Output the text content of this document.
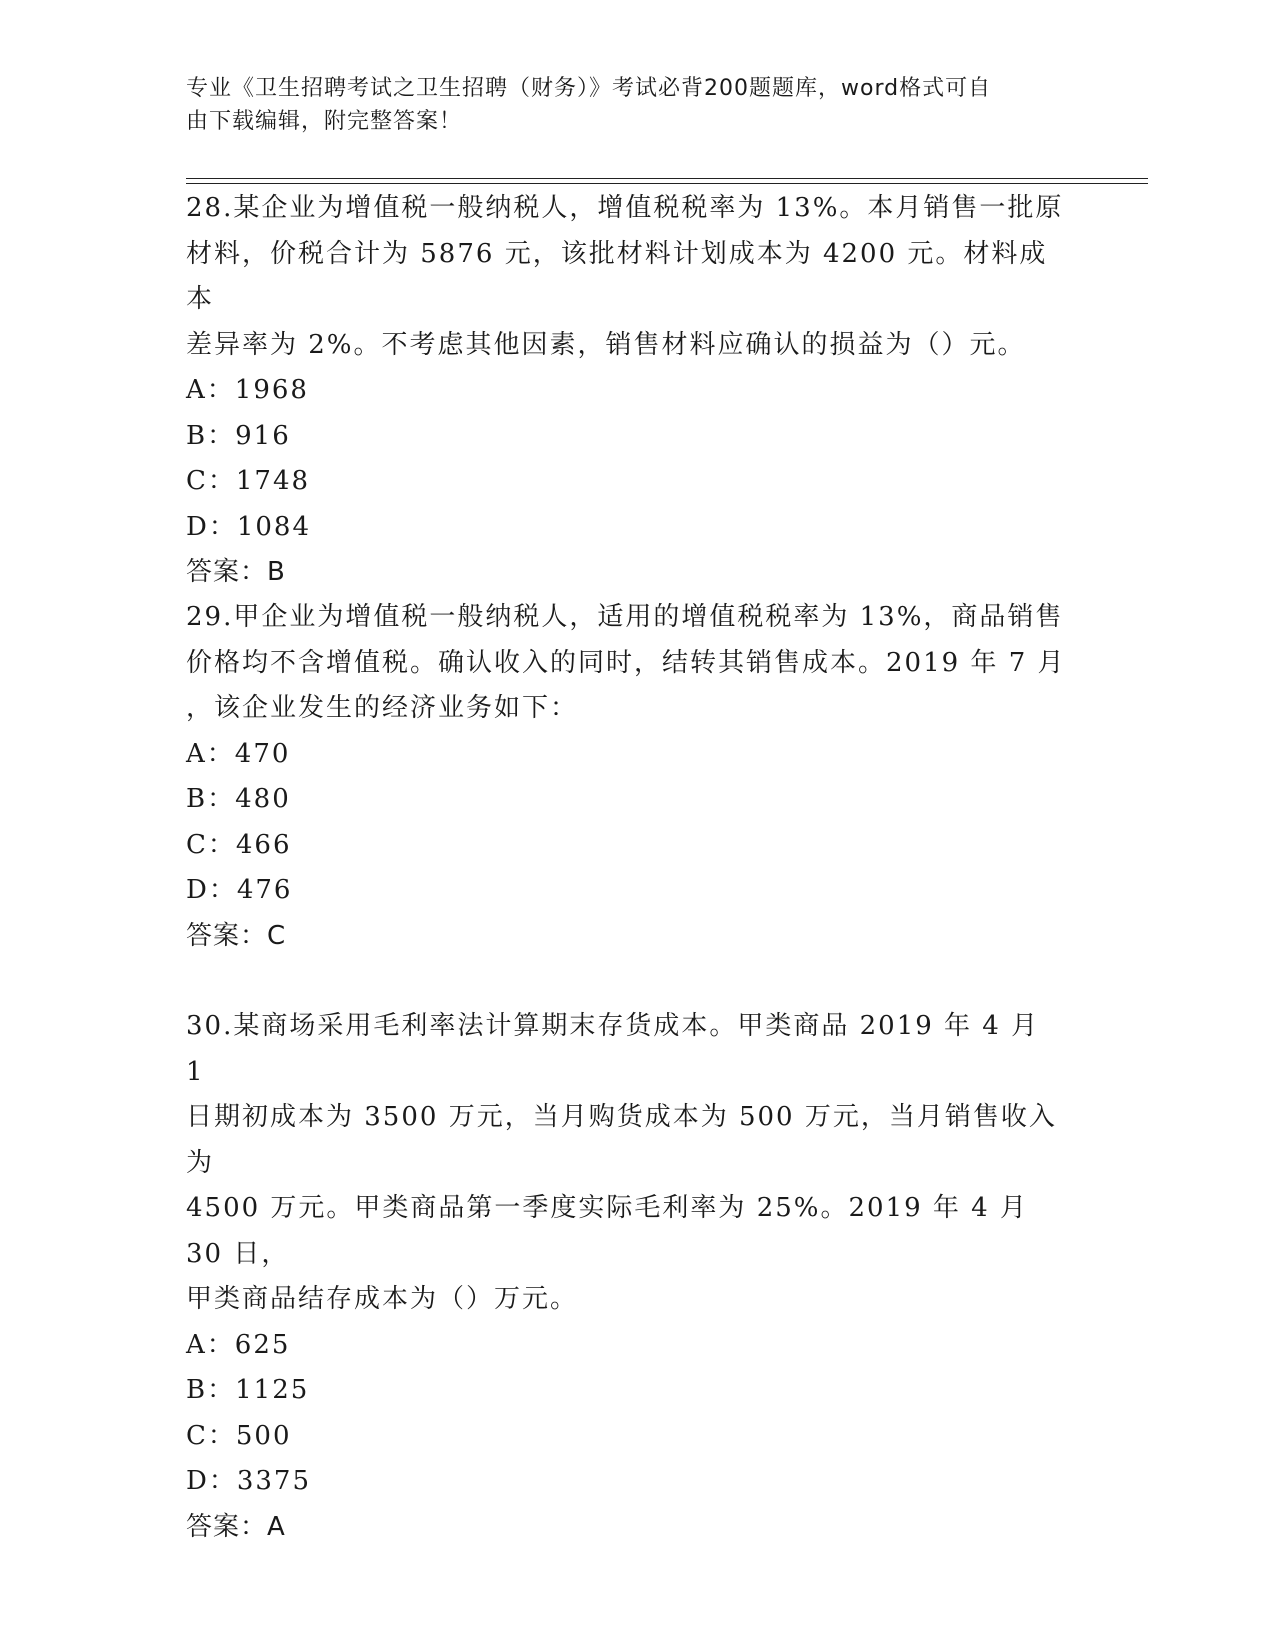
专业《卫生招聘考试之卫生招聘（财务）》考试必背200题题库，word格式可自
由下载编辑，附完整答案！

28.某企业为增值税一般纳税人，增值税税率为 13%。本月销售一批原

材料，价税合计为 5876 元，该批材料计划成本为 4200 元。材料成本

差异率为 2%。不考虑其他因素，销售材料应确认的损益为（）元。

A：1968

B：916

C：1748

D：1084

答案：B

29.甲企业为增值税一般纳税人，适用的增值税税率为 13%，商品销售

价格均不含增值税。确认收入的同时，结转其销售成本。2019 年 7 月

，该企业发生的经济业务如下：

A：470

B：480

C：466

D：476

答案：C

30.某商场采用毛利率法计算期末存货成本。甲类商品 2019 年 4 月 1

日期初成本为 3500 万元，当月购货成本为 500 万元，当月销售收入为

4500 万元。甲类商品第一季度实际毛利率为 25%。2019 年 4 月 30 日，

甲类商品结存成本为（）万元。

A：625

B：1125

C：500

D：3375

答案：A
